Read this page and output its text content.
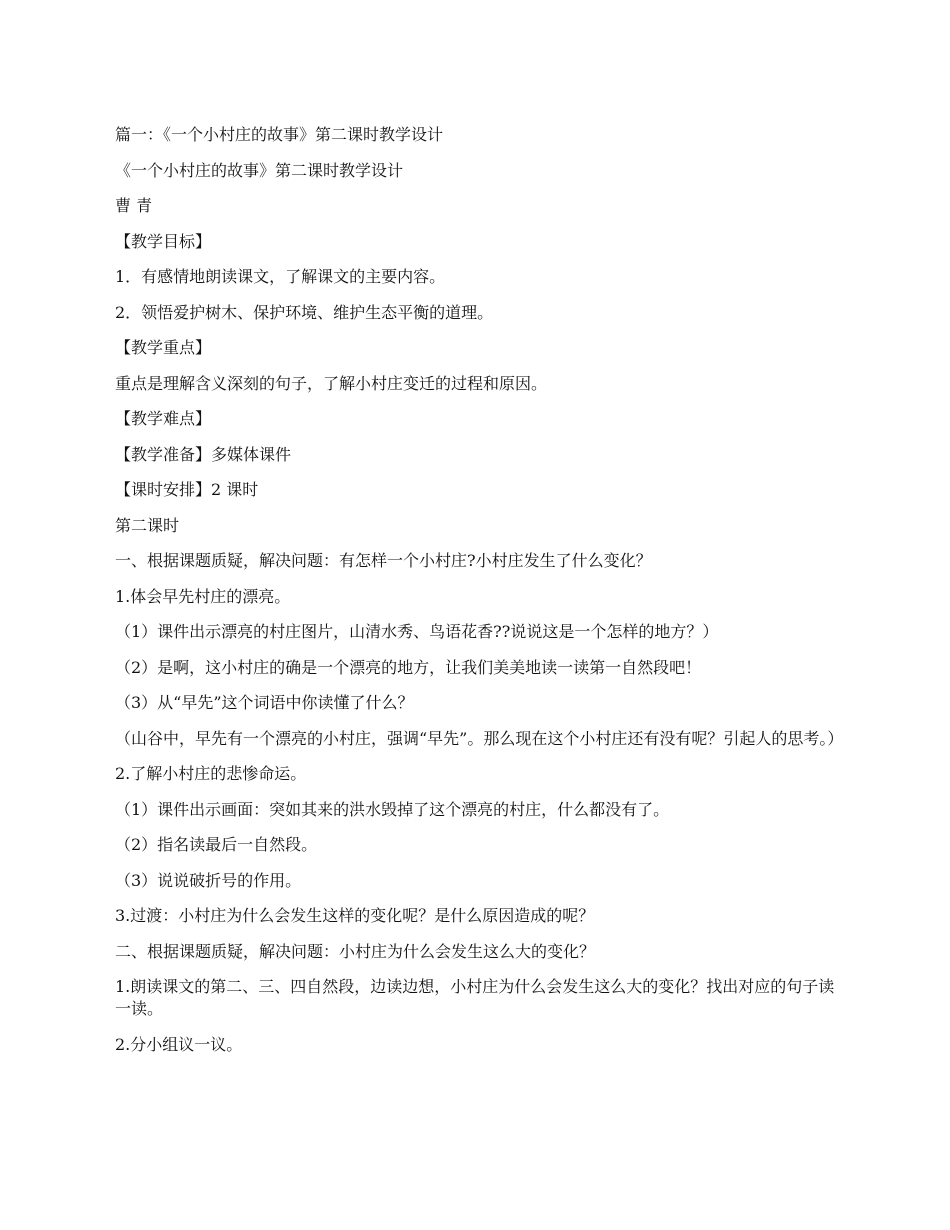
篇一：《一个小村庄的故事》第二课时教学设计

《一个小村庄的故事》第二课时教学设计

曹 青

【教学目标】

1．有感情地朗读课文，了解课文的主要内容。

2．领悟爱护树木、保护环境、维护生态平衡的道理。

【教学重点】

重点是理解含义深刻的句子，了解小村庄变迁的过程和原因。

【教学难点】

【教学准备】多媒体课件

【课时安排】2 课时

第二课时

一、根据课题质疑，解决问题：有怎样一个小村庄?小村庄发生了什么变化？

1.体会早先村庄的漂亮。

（1）课件出示漂亮的村庄图片，山清水秀、鸟语花香??说说这是一个怎样的地方？）

（2）是啊，这小村庄的确是一个漂亮的地方，让我们美美地读一读第一自然段吧！

（3）从“早先”这个词语中你读懂了什么？

（山谷中，早先有一个漂亮的小村庄，强调“早先”。那么现在这个小村庄还有没有呢？引起人的思考。）

2.了解小村庄的悲惨命运。

（1）课件出示画面：突如其来的洪水毁掉了这个漂亮的村庄，什么都没有了。

（2）指名读最后一自然段。

（3）说说破折号的作用。

3.过渡：小村庄为什么会发生这样的变化呢？是什么原因造成的呢？

二、根据课题质疑，解决问题：小村庄为什么会发生这么大的变化？

1.朗读课文的第二、三、四自然段，边读边想，小村庄为什么会发生这么大的变化？找出对应的句子读一读。

2.分小组议一议。
